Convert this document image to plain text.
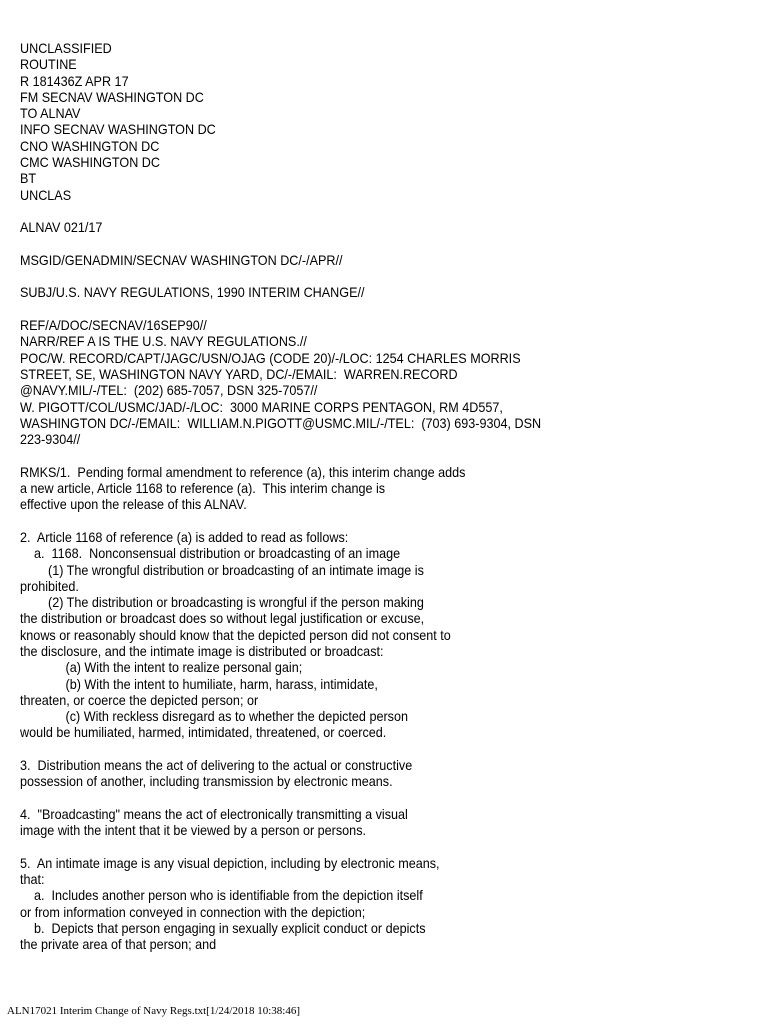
UNCLASSIFIED
ROUTINE
R 181436Z APR 17
FM SECNAV WASHINGTON DC
TO ALNAV
INFO SECNAV WASHINGTON DC
CNO WASHINGTON DC
CMC WASHINGTON DC
BT
UNCLAS
ALNAV 021/17
MSGID/GENADMIN/SECNAV WASHINGTON DC/-/APR//
SUBJ/U.S. NAVY REGULATIONS, 1990 INTERIM CHANGE//
REF/A/DOC/SECNAV/16SEP90//
NARR/REF A IS THE U.S. NAVY REGULATIONS.//
POC/W. RECORD/CAPT/JAGC/USN/OJAG (CODE 20)/-/LOC: 1254 CHARLES MORRIS
STREET, SE, WASHINGTON NAVY YARD, DC/-/EMAIL:  WARREN.RECORD
@NAVY.MIL/-/TEL:  (202) 685-7057, DSN 325-7057//
W. PIGOTT/COL/USMC/JAD/-/LOC:  3000 MARINE CORPS PENTAGON, RM 4D557,
WASHINGTON DC/-/EMAIL:  WILLIAM.N.PIGOTT@USMC.MIL/-/TEL:  (703) 693-9304, DSN
223-9304//
RMKS/1.  Pending formal amendment to reference (a), this interim change adds
a new article, Article 1168 to reference (a).  This interim change is
effective upon the release of this ALNAV.
2.  Article 1168 of reference (a) is added to read as follows:
a.  1168.  Nonconsensual distribution or broadcasting of an image
(1) The wrongful distribution or broadcasting of an intimate image is
prohibited.
(2) The distribution or broadcasting is wrongful if the person making
the distribution or broadcast does so without legal justification or excuse,
knows or reasonably should know that the depicted person did not consent to
the disclosure, and the intimate image is distributed or broadcast:
(a) With the intent to realize personal gain;
(b) With the intent to humiliate, harm, harass, intimidate,
threaten, or coerce the depicted person; or
(c) With reckless disregard as to whether the depicted person
would be humiliated, harmed, intimidated, threatened, or coerced.
3.  Distribution means the act of delivering to the actual or constructive
possession of another, including transmission by electronic means.
4.  "Broadcasting" means the act of electronically transmitting a visual
image with the intent that it be viewed by a person or persons.
5.  An intimate image is any visual depiction, including by electronic means,
that:
a.  Includes another person who is identifiable from the depiction itself
or from information conveyed in connection with the depiction;
b.  Depicts that person engaging in sexually explicit conduct or depicts
the private area of that person; and
ALN17021 Interim Change of Navy Regs.txt[1/24/2018 10:38:46]
